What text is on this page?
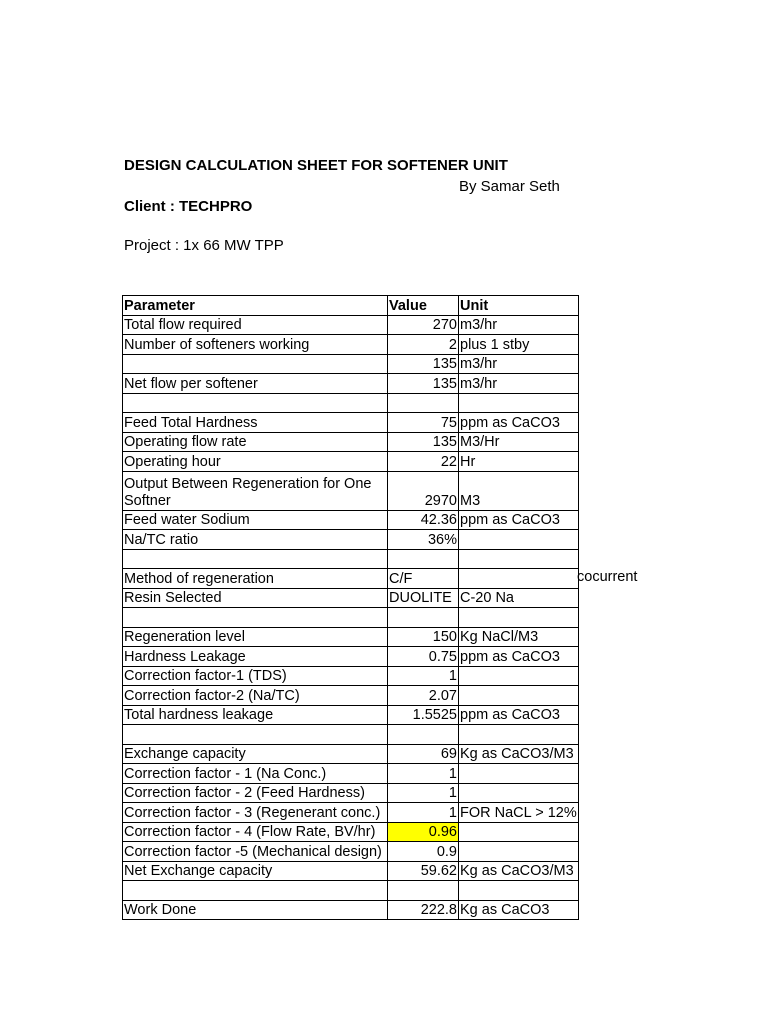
DESIGN CALCULATION SHEET FOR SOFTENER UNIT
By Samar Seth
Client : TECHPRO
Project : 1x 66 MW TPP
Parameter	Value	Unit
Total flow required	270	m3/hr
Number of softeners working	2	plus 1 stby
	135	m3/hr
Net flow per softener	135	m3/hr

Feed Total Hardness	75	ppm as CaCO3
Operating flow rate	135	M3/Hr
Operating hour	22	Hr
Output Between Regeneration for One Softner	2970	M3
Feed water Sodium	42.36	ppm as CaCO3
Na/TC ratio	36%	

Method of regeneration	C/F	
Resin Selected	DUOLITE	C-20 Na

Regeneration level	150	Kg NaCl/M3
Hardness Leakage	0.75	ppm as CaCO3
Correction factor-1 (TDS)	1	
Correction factor-2 (Na/TC)	2.07	
Total hardness leakage	1.5525	ppm as CaCO3

Exchange capacity	69	Kg as CaCO3/M3
Correction factor - 1 (Na Conc.)	1	
Correction factor - 2 (Feed Hardness)	1	
Correction factor - 3 (Regenerant conc.)	1	FOR NaCL > 12%
Correction factor - 4 (Flow Rate, BV/hr)	0.96	

Correction factor -5 (Mechanical design)	0.9	
Net Exchange capacity	59.62	Kg as CaCO3/M3

Work Done	222.8	Kg as CaCO3
cocurrent
